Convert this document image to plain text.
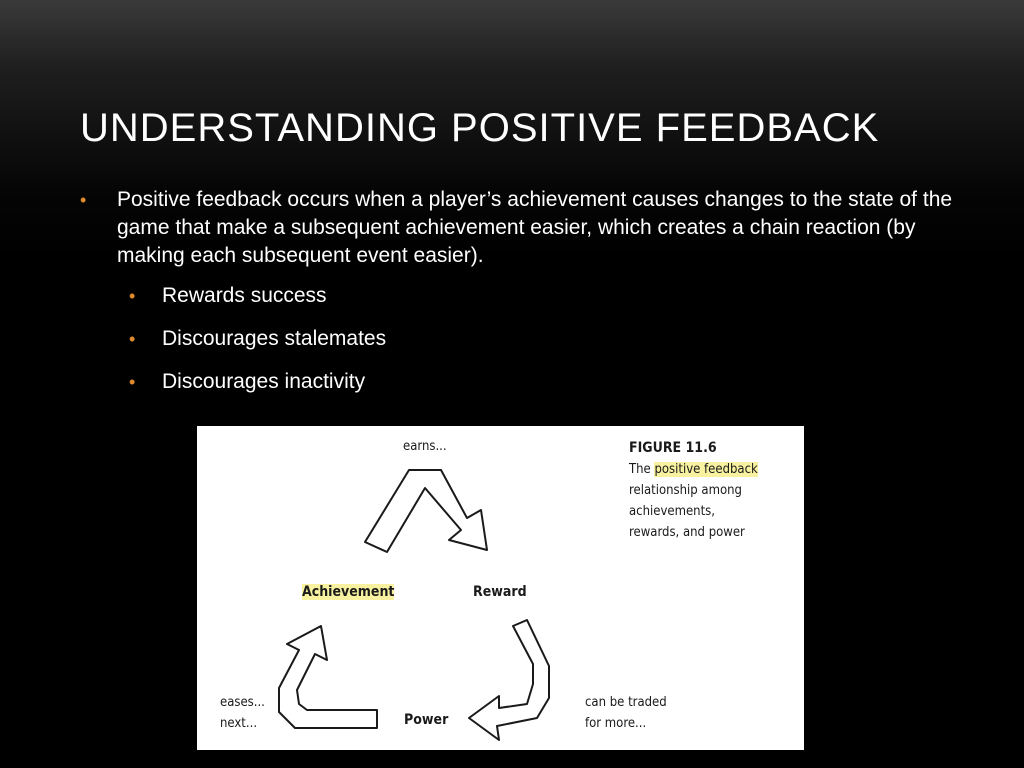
UNDERSTANDING POSITIVE FEEDBACK
• Positive feedback occurs when a player’s achievement causes changes to the state of the game that make a subsequent achievement easier, which creates a chain reaction (by making each subsequent event easier).
• Rewards success
• Discourages stalemates
• Discourages inactivity
earns...
Achievement	Reward
Power
can be traded
for more...
eases...
next...
FIGURE 11.6
The positive feedback
relationship among
achievements,
rewards, and power
